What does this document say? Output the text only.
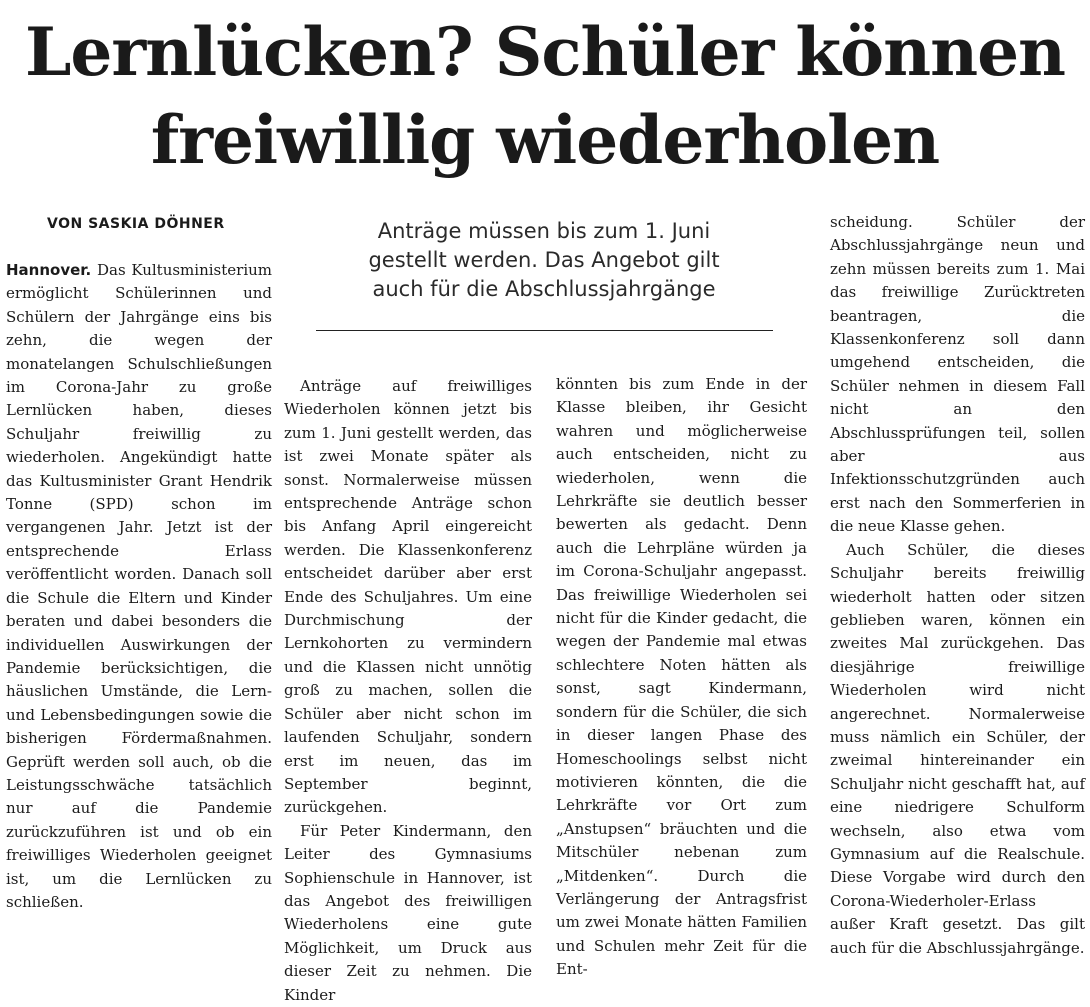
Lernlücken? Schüler können
freiwillig wiederholen
VON SASKIA DÖHNER	Anträge müssen bis zum 1. Juni
gestellt werden. Das Angebot gilt
auch für die Abschlussjahrgänge

Hannover. Das Kultusministerium ermöglicht Schülerinnen und Schülern der Jahrgänge eins bis zehn, die wegen der monatelangen Schulschließungen im Corona-Jahr zu große Lernlücken haben, dieses Schuljahr freiwillig zu wiederholen. Angekündigt hatte das Kultusminister Grant Hendrik Tonne (SPD) schon im vergangenen Jahr. Jetzt ist der entsprechende Erlass veröffentlicht worden. Danach soll die Schule die Eltern und Kinder beraten und dabei besonders die individuellen Auswirkungen der Pandemie berücksichtigen, die häuslichen Umstände, die Lern- und Lebensbedingungen sowie die bisherigen Fördermaßnahmen. Geprüft werden soll auch, ob die Leistungsschwäche tatsächlich nur auf die Pandemie zurückzuführen ist und ob ein freiwilliges Wiederholen geeignet ist, um die Lernlücken zu schließen.

Anträge auf freiwilliges Wiederholen können jetzt bis zum 1. Juni gestellt werden, das ist zwei Monate später als sonst. Normalerweise müssen entsprechende Anträge schon bis Anfang April eingereicht werden. Die Klassenkonferenz entscheidet darüber aber erst Ende des Schuljahres. Um eine Durchmischung der Lernkohorten zu vermindern und die Klassen nicht unnötig groß zu machen, sollen die Schüler aber nicht schon im laufenden Schuljahr, sondern erst im neuen, das im September beginnt, zurückgehen.

Für Peter Kindermann, den Leiter des Gymnasiums Sophienschule in Hannover, ist das Angebot des freiwilligen Wiederholens eine gute Möglichkeit, um Druck aus dieser Zeit zu nehmen. Die Kinder

könnten bis zum Ende in der Klasse bleiben, ihr Gesicht wahren und möglicherweise auch entscheiden, nicht zu wiederholen, wenn die Lehrkräfte sie deutlich besser bewerten als gedacht. Denn auch die Lehrpläne würden ja im Corona-Schuljahr angepasst. Das freiwillige Wiederholen sei nicht für die Kinder gedacht, die wegen der Pandemie mal etwas schlechtere Noten hätten als sonst, sagt Kindermann, sondern für die Schüler, die sich in dieser langen Phase des Homeschoolings selbst nicht motivieren könnten, die die Lehrkräfte vor Ort zum „Anstupsen“ bräuchten und die Mitschüler nebenan zum „Mitdenken“. Durch die Verlängerung der Antragsfrist um zwei Monate hätten Familien und Schulen mehr Zeit für die Ent-

scheidung. Schüler der Abschlussjahrgänge neun und zehn müssen bereits zum 1. Mai das freiwillige Zurücktreten beantragen, die Klassenkonferenz soll dann umgehend entscheiden, die Schüler nehmen in diesem Fall nicht an den Abschlussprüfungen teil, sollen aber aus Infektionsschutzgründen auch erst nach den Sommerferien in die neue Klasse gehen.

Auch Schüler, die dieses Schuljahr bereits freiwillig wiederholt hatten oder sitzen geblieben waren, können ein zweites Mal zurückgehen. Das diesjährige freiwillige Wiederholen wird nicht angerechnet. Normalerweise muss nämlich ein Schüler, der zweimal hintereinander ein Schuljahr nicht geschafft hat, auf eine niedrigere Schulform wechseln, also etwa vom Gymnasium auf die Realschule. Diese Vorgabe wird durch den Corona-Wiederholer-Erlass außer Kraft gesetzt. Das gilt auch für die Abschlussjahrgänge.
